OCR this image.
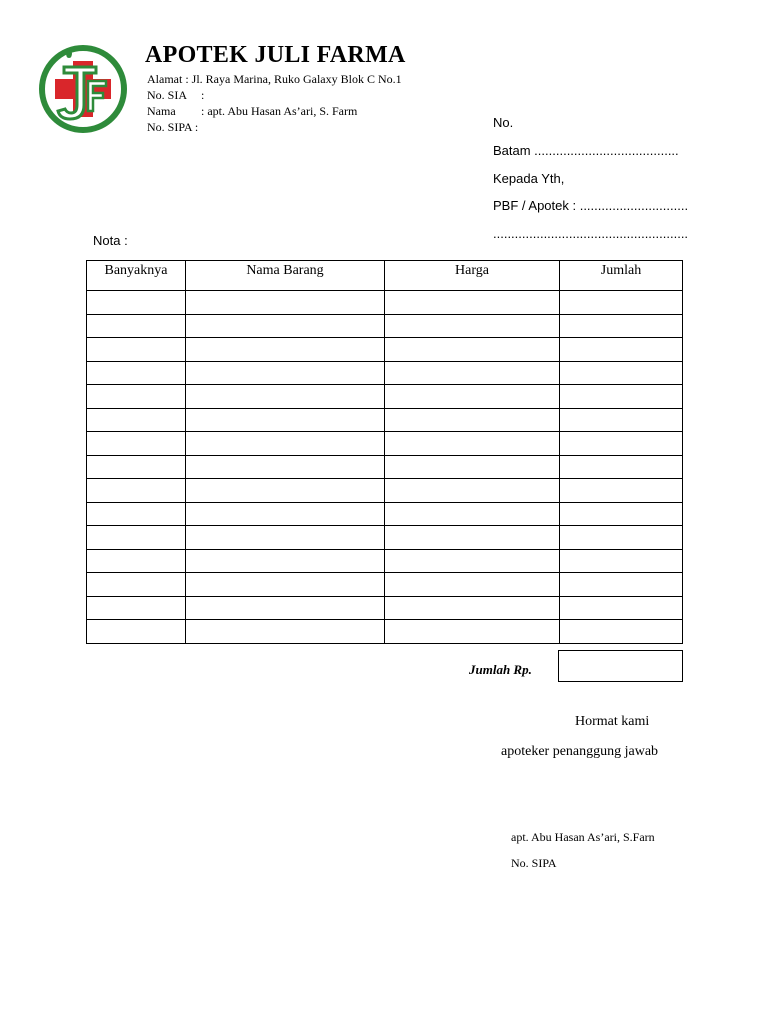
APOTEK JULI FARMA
Alamat : Jl. Raya Marina, Ruko Galaxy Blok C No.1
No. SIA :
Nama : apt. Abu Hasan As’ari, S. Farm
No. SIPA :	No.
Batam ........................................
Kepada Yth,
PBF / Apotek : ..............................
......................................................
Nota :
Banyaknya	Nama Barang	Harga	Jumlah

Jumlah Rp.
Hormat kami
apoteker penanggung jawab
apt. Abu Hasan As’ari, S.Farn
No. SIPA
